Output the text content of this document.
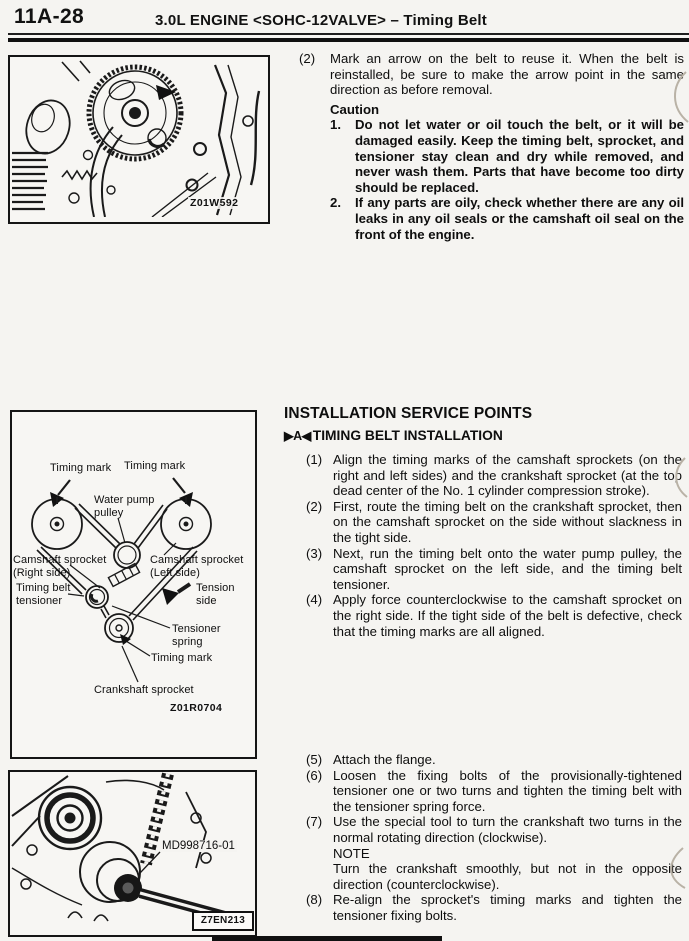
11A-28	3.0L ENGINE <SOHC-12VALVE> – Timing Belt
Z01W592
(2) Mark an arrow on the belt to reuse it. When the belt is reinstalled, be sure to make the arrow point in the same direction as before removal.
Caution
1. Do not let water or oil touch the belt, or it will be damaged easily. Keep the timing belt, sprocket, and tensioner stay clean and dry while removed, and never wash them. Parts that have become too dirty should be replaced.
2. If any parts are oily, check whether there are any oil leaks in any oil seals or the camshaft oil seal on the front of the engine.
Timing mark Timing mark
Water pump pulley
Camshaft sprocket (Right side)
Camshaft sprocket (Left side)
Timing belt tensioner
Tension side
Tensioner spring
Timing mark
Crankshaft sprocket
Z01R0704
INSTALLATION SERVICE POINTS
▶A◀ TIMING BELT INSTALLATION
(1) Align the timing marks of the camshaft sprockets (on the right and left sides) and the crankshaft sprocket (at the top dead center of the No. 1 cylinder compression stroke).
(2) First, route the timing belt on the crankshaft sprocket, then on the camshaft sprocket on the side without slackness in the tight side.
(3) Next, run the timing belt onto the water pump pulley, the camshaft sprocket on the left side, and the timing belt tensioner.
(4) Apply force counterclockwise to the camshaft sprocket on the right side. If the tight side of the belt is defective, check that the timing marks are all aligned.
MD998716-01
Z7EN213
(5) Attach the flange.
(6) Loosen the fixing bolts of the provisionally-tightened tensioner one or two turns and tighten the timing belt with the tensioner spring force.
(7) Use the special tool to turn the crankshaft two turns in the normal rotating direction (clockwise).
NOTE
Turn the crankshaft smoothly, but not in the opposite direction (counterclockwise).
(8) Re-align the sprocket's timing marks and tighten the tensioner fixing bolts.
